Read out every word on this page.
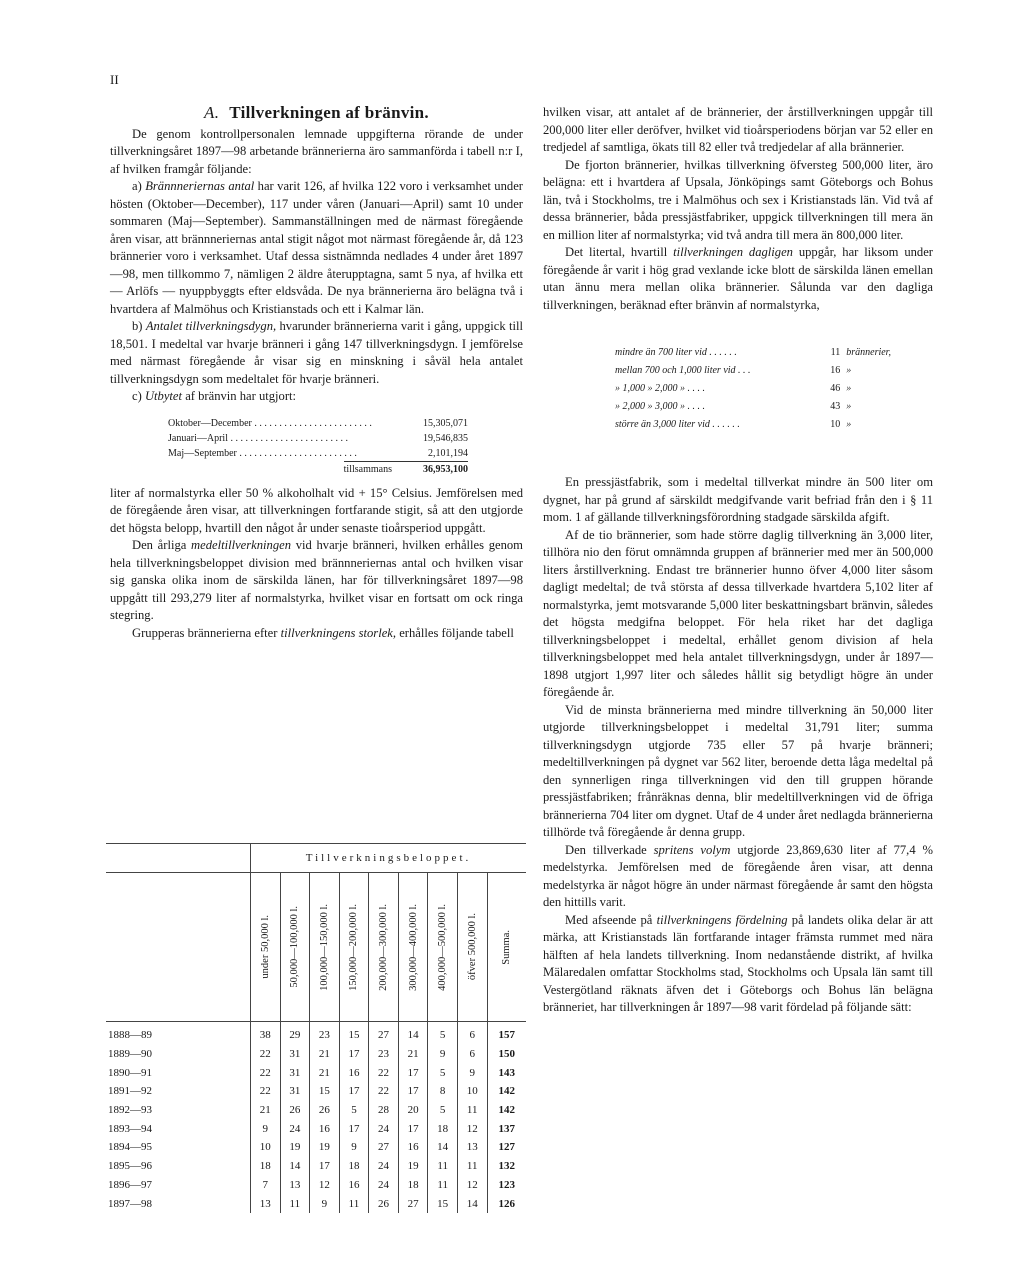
II
A. Tillverkningen af bränvin.

De genom kontrollpersonalen lemnade uppgifterna rörande de under tillverkningsåret 1897—98 arbetande brännerierna äro sammanförda i tabell n:r I, af hvilken framgår följande:

a) Brännneriernas antal har varit 126, af hvilka 122 voro i verksamhet under hösten (Oktober—December), 117 under våren (Januari—April) samt 10 under sommaren (Maj—September). Sammanställningen med de närmast föregående åren visar, att brännneriernas antal stigit något mot närmast föregående år, då 123 brännerier voro i verksamhet. Utaf dessa sistnämnda nedlades 4 under året 1897—98, men tillkommo 7, nämligen 2 äldre återupptagna, samt 5 nya, af hvilka ett — Arlöfs — nyuppbyggts efter eldsvåda. De nya brännerierna äro belägna två i hvartdera af Malmöhus och Kristianstads och ett i Kalmar län.

b) Antalet tillverkningsdygn, hvarunder brännerierna varit i gång, uppgick till 18,501. I medeltal var hvarje bränneri i gång 147 tillverkningsdygn. I jemförelse med närmast föregående år visar sig en minskning i såväl hela antalet tillverkningsdygn som medeltalet för hvarje bränneri.

c) Utbytet af bränvin har utgjort:

Oktober—December . . .	15,305,071
Januari—April . . .	19,546,835
Maj—September . . .	2,101,194
tillsammans	36,953,100

liter af normalstyrka eller 50 % alkoholhalt vid + 15° Celsius. Jemförelsen med de föregående åren visar, att tillverkningen fortfarande stigit, så att den utgjorde det högsta belopp, hvartill den något år under senaste tioårsperiod uppgått.

Den årliga medeltillverkningen vid hvarje bränneri, hvilken erhålles genom hela tillverkningsbeloppet division med brännneriernas antal och hvilken visar sig ganska olika inom de särskilda länen, har för tillverkningsåret 1897—98 uppgått till 293,279 liter af normalstyrka, hvilket visar en fortsatt om ock ringa stegring.

Grupperas brännerierna efter tillverkningens storlek, erhålles följande tabell

	Tillverkningsbeloppet.								

	under 50,000 l.	50,000—100,000 l.	100,000—150,000 l.	150,000—200,000 l.	200,000—300,000 l.	300,000—400,000 l.	400,000—500,000 l.	öfver 500,000 l.	Summa.

1888—89	38	29	23	15	27	14	5	6	157
1889—90	22	31	21	17	23	21	9	6	150
1890—91	22	31	21	16	22	17	5	9	143
1891—92	22	31	15	17	22	17	8	10	142
1892—93	21	26	26	5	28	20	5	11	142
1893—94	9	24	16	17	24	17	18	12	137
1894—95	10	19	19	9	27	16	14	13	127
1895—96	18	14	17	18	24	19	11	11	132
1896—97	7	13	12	16	24	18	11	12	123
1897—98	13	11	9	11	26	27	15	14	126

hvilken visar, att antalet af de brännerier, der årstillverkningen uppgår till 200,000 liter eller deröfver, hvilket vid tioårsperiodens början var 52 eller en tredjedel af samtliga, ökats till 82 eller två tredjedelar af alla brännerier.

De fjorton brännerier, hvilkas tillverkning öfversteg 500,000 liter, äro belägna: ett i hvartdera af Upsala, Jönköpings samt Göteborgs och Bohus län, två i Stockholms, tre i Malmöhus och sex i Kristianstads län. Vid två af dessa brännerier, båda pressjästfabriker, uppgick tillverkningen till mera än en million liter af normalstyrka; vid två andra till mera än 800,000 liter.

Det litertal, hvartill tillverkningen dagligen uppgår, har liksom under föregående år varit i hög grad vexlande icke blott de särskilda länen emellan utan ännu mera mellan olika brännerier. Sålunda var den dagliga tillverkningen, beräknad efter bränvin af normalstyrka,

mindre än 700 liter vid . . . . . .	11 brännerier,
mellan 700 och 1,000 liter vid . . .	16 »
» 1,000 » 2,000 » . . . .	46 »
» 2,000 » 3,000 » . . . .	43 »
större än 3,000 liter vid . . . . . .	10 »

En pressjästfabrik, som i medeltal tillverkat mindre än 500 liter om dygnet, har på grund af särskildt medgifvande varit befriad från den i § 11 mom. 1 af gällande tillverkningsförordning stadgade särskilda afgift.

Af de tio brännerier, som hade större daglig tillverkning än 3,000 liter, tillhöra nio den förut omnämnda gruppen af brännerier med mer än 500,000 liters årstillverkning. Endast tre brännerier hunno öfver 4,000 liter såsom dagligt medeltal; de två största af dessa tillverkade hvartdera 5,102 liter af normalstyrka, jemt motsvarande 5,000 liter beskattningsbart bränvin, således det högsta medgifna beloppet. För hela riket har det dagliga tillverkningsbeloppet i medeltal, erhållet genom division af hela tillverkningsbeloppet med hela antalet tillverkningsdygn, under år 1897—1898 utgjort 1,997 liter och således hållit sig betydligt högre än under föregående år.

Vid de minsta brännerierna med mindre tillverkning än 50,000 liter utgjorde tillverkningsbeloppet i medeltal 31,791 liter; summa tillverkningsdygn utgjorde 735 eller 57 på hvarje bränneri; medeltillverkningen på dygnet var 562 liter, beroende detta låga medeltal på den synnerligen ringa tillverkningen vid den till gruppen hörande pressjästfabriken; frånräknas denna, blir medeltillverkningen vid de öfriga brännerierna 704 liter om dygnet. Utaf de 4 under året nedlagda brännerierna tillhörde två föregående år denna grupp.

Den tillverkade spritens volym utgjorde 23,869,630 liter af 77,4 % medelstyrka. Jemförelsen med de föregående åren visar, att denna medelstyrka är något högre än under närmast föregående år samt den högsta den hittills varit.

Med afseende på tillverkningens fördelning på landets olika delar är att märka, att Kristianstads län fortfarande intager främsta rummet med nära hälften af hela landets tillverkning. Inom nedanstående distrikt, af hvilka Mälaredalen omfattar Stockholms stad, Stockholms och Upsala län samt till Vestergötland räknats äfven det i Göteborgs och Bohus län belägna bränneriet, har tillverkningen år 1897—98 varit fördelad på följande sätt:
